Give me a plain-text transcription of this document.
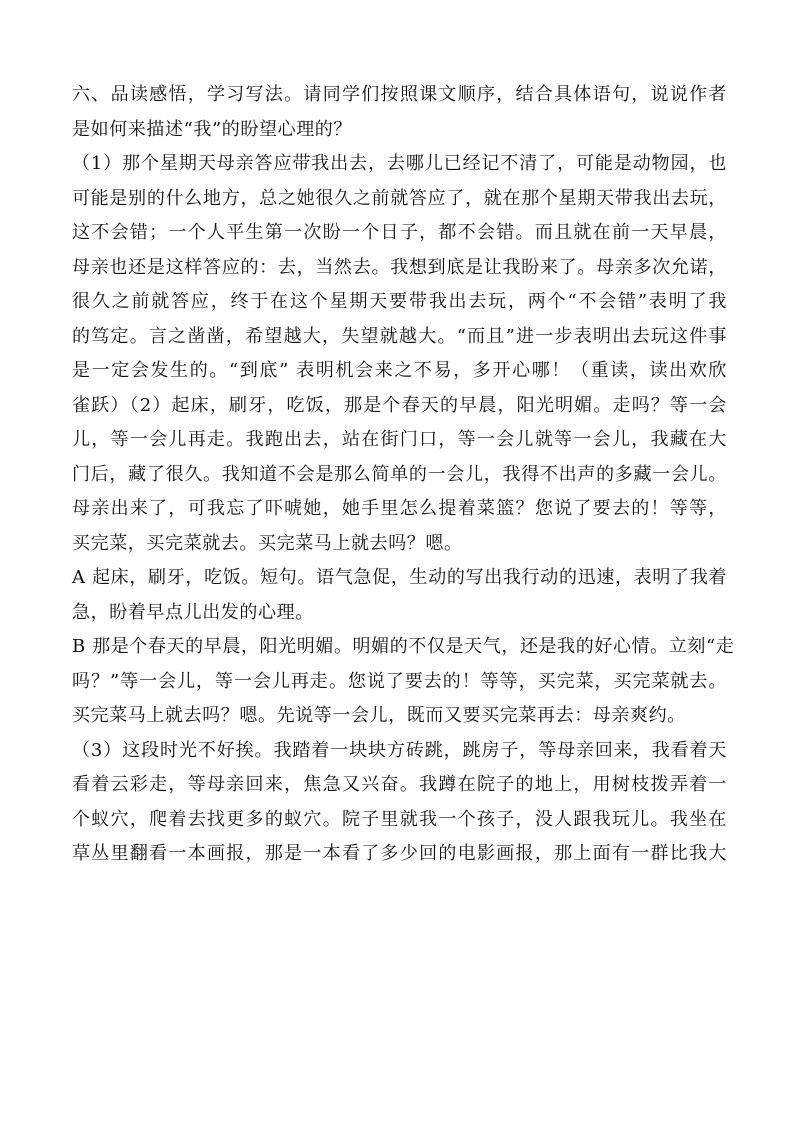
六、品读感悟，学习写法。请同学们按照课文顺序，结合具体语句，说说作者
是如何来描述“我”的盼望心理的？
（1）那个星期天母亲答应带我出去，去哪儿已经记不清了，可能是动物园，也
可能是别的什么地方，总之她很久之前就答应了，就在那个星期天带我出去玩，
这不会错；一个人平生第一次盼一个日子，都不会错。而且就在前一天早晨，
母亲也还是这样答应的：去，当然去。我想到底是让我盼来了。母亲多次允诺，
很久之前就答应，终于在这个星期天要带我出去玩，两个“不会错”表明了我
的笃定。言之凿凿，希望越大，失望就越大。“而且”进一步表明出去玩这件事
是一定会发生的。“到底” 表明机会来之不易，多开心哪！（重读，读出欢欣
雀跃）（2）起床，刷牙，吃饭，那是个春天的早晨，阳光明媚。走吗？等一会
儿，等一会儿再走。我跑出去，站在街门口，等一会儿就等一会儿，我藏在大
门后，藏了很久。我知道不会是那么简单的一会儿，我得不出声的多藏一会儿。
母亲出来了，可我忘了吓唬她，她手里怎么提着菜篮？您说了要去的！等等，
买完菜，买完菜就去。买完菜马上就去吗？嗯。
A 起床，刷牙，吃饭。短句。语气急促，生动的写出我行动的迅速，表明了我着
急，盼着早点儿出发的心理。
B 那是个春天的早晨，阳光明媚。明媚的不仅是天气，还是我的好心情。立刻“走
吗？”等一会儿，等一会儿再走。您说了要去的！等等，买完菜，买完菜就去。
买完菜马上就去吗？嗯。先说等一会儿，既而又要买完菜再去：母亲爽约。
（3）这段时光不好挨。我踏着一块块方砖跳，跳房子，等母亲回来，我看着天
看着云彩走，等母亲回来，焦急又兴奋。我蹲在院子的地上，用树枝拨弄着一
个蚁穴，爬着去找更多的蚁穴。院子里就我一个孩子，没人跟我玩儿。我坐在
草丛里翻看一本画报，那是一本看了多少回的电影画报，那上面有一群比我大
